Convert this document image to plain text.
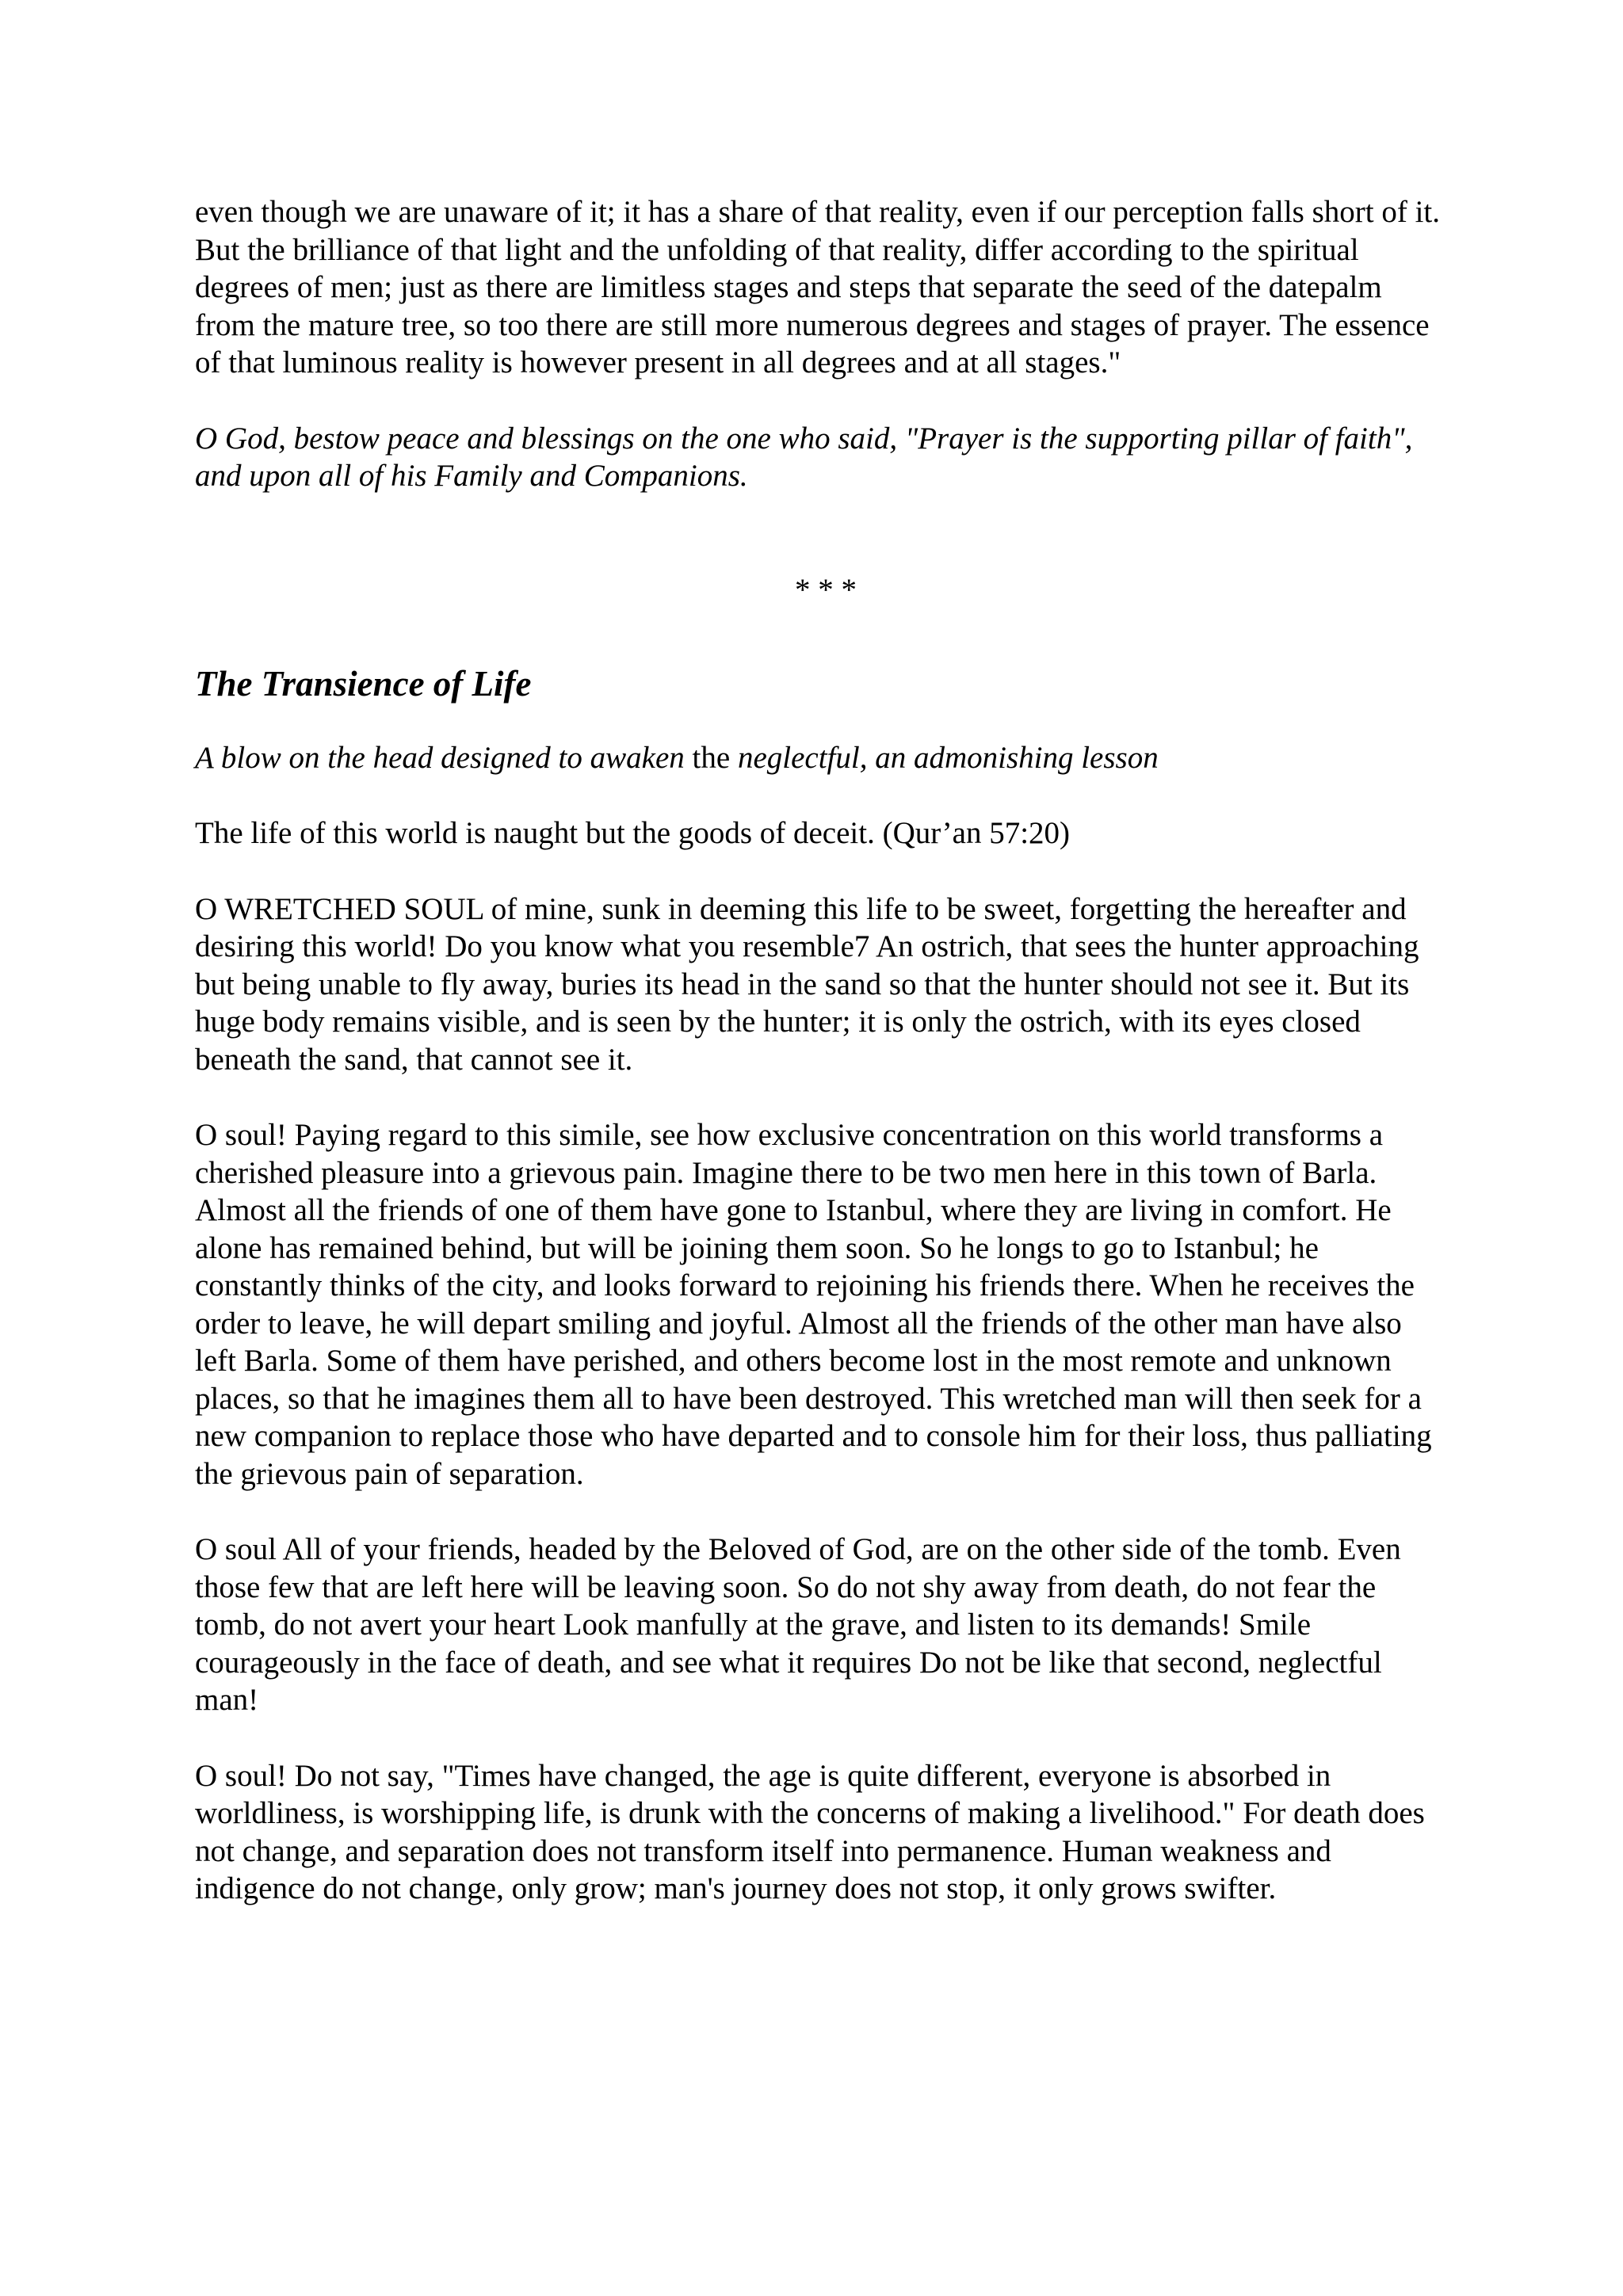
even though we are unaware of it; it has a share of that reality, even if our perception falls short of it. But the brilliance of that light and the unfolding of that reality, differ according to the spiritual degrees of men; just as there are limitless stages and steps that separate the seed of the datepalm from the mature tree, so too there are still more numerous degrees and stages of prayer. The essence of that luminous reality is however present in all degrees and at all stages."

O God, bestow peace and blessings on the one who said, "Prayer is the supporting pillar of faith", and upon all of his Family and Companions.

* * *
The Transience of Life

A blow on the head designed to awaken the neglectful, an admonishing lesson

The life of this world is naught but the goods of deceit. (Qur’an 57:20)

O WRETCHED SOUL of mine, sunk in deeming this life to be sweet, forgetting the hereafter and desiring this world! Do you know what you resemble7 An ostrich, that sees the hunter approaching but being unable to fly away, buries its head in the sand so that the hunter should not see it. But its huge body remains visible, and is seen by the hunter; it is only the ostrich, with its eyes closed beneath the sand, that cannot see it.

O soul! Paying regard to this simile, see how exclusive concentration on this world transforms a cherished pleasure into a grievous pain. Imagine there to be two men here in this town of Barla. Almost all the friends of one of them have gone to Istanbul, where they are living in comfort. He alone has remained behind, but will be joining them soon. So he longs to go to Istanbul; he constantly thinks of the city, and looks forward to rejoining his friends there. When he receives the order to leave, he will depart smiling and joyful. Almost all the friends of the other man have also left Barla. Some of them have perished, and others become lost in the most remote and unknown places, so that he imagines them all to have been destroyed. This wretched man will then seek for a new companion to replace those who have departed and to console him for their loss, thus palliating the grievous pain of separation.

O soul All of your friends, headed by the Beloved of God, are on the other side of the tomb. Even those few that are left here will be leaving soon. So do not shy away from death, do not fear the tomb, do not avert your heart Look manfully at the grave, and listen to its demands! Smile courageously in the face of death, and see what it requires Do not be like that second, neglectful man!

O soul! Do not say, "Times have changed, the age is quite different, everyone is absorbed in worldliness, is worshipping life, is drunk with the concerns of making a livelihood." For death does not change, and separation does not transform itself into permanence. Human weakness and indigence do not change, only grow; man's journey does not stop, it only grows swifter.
